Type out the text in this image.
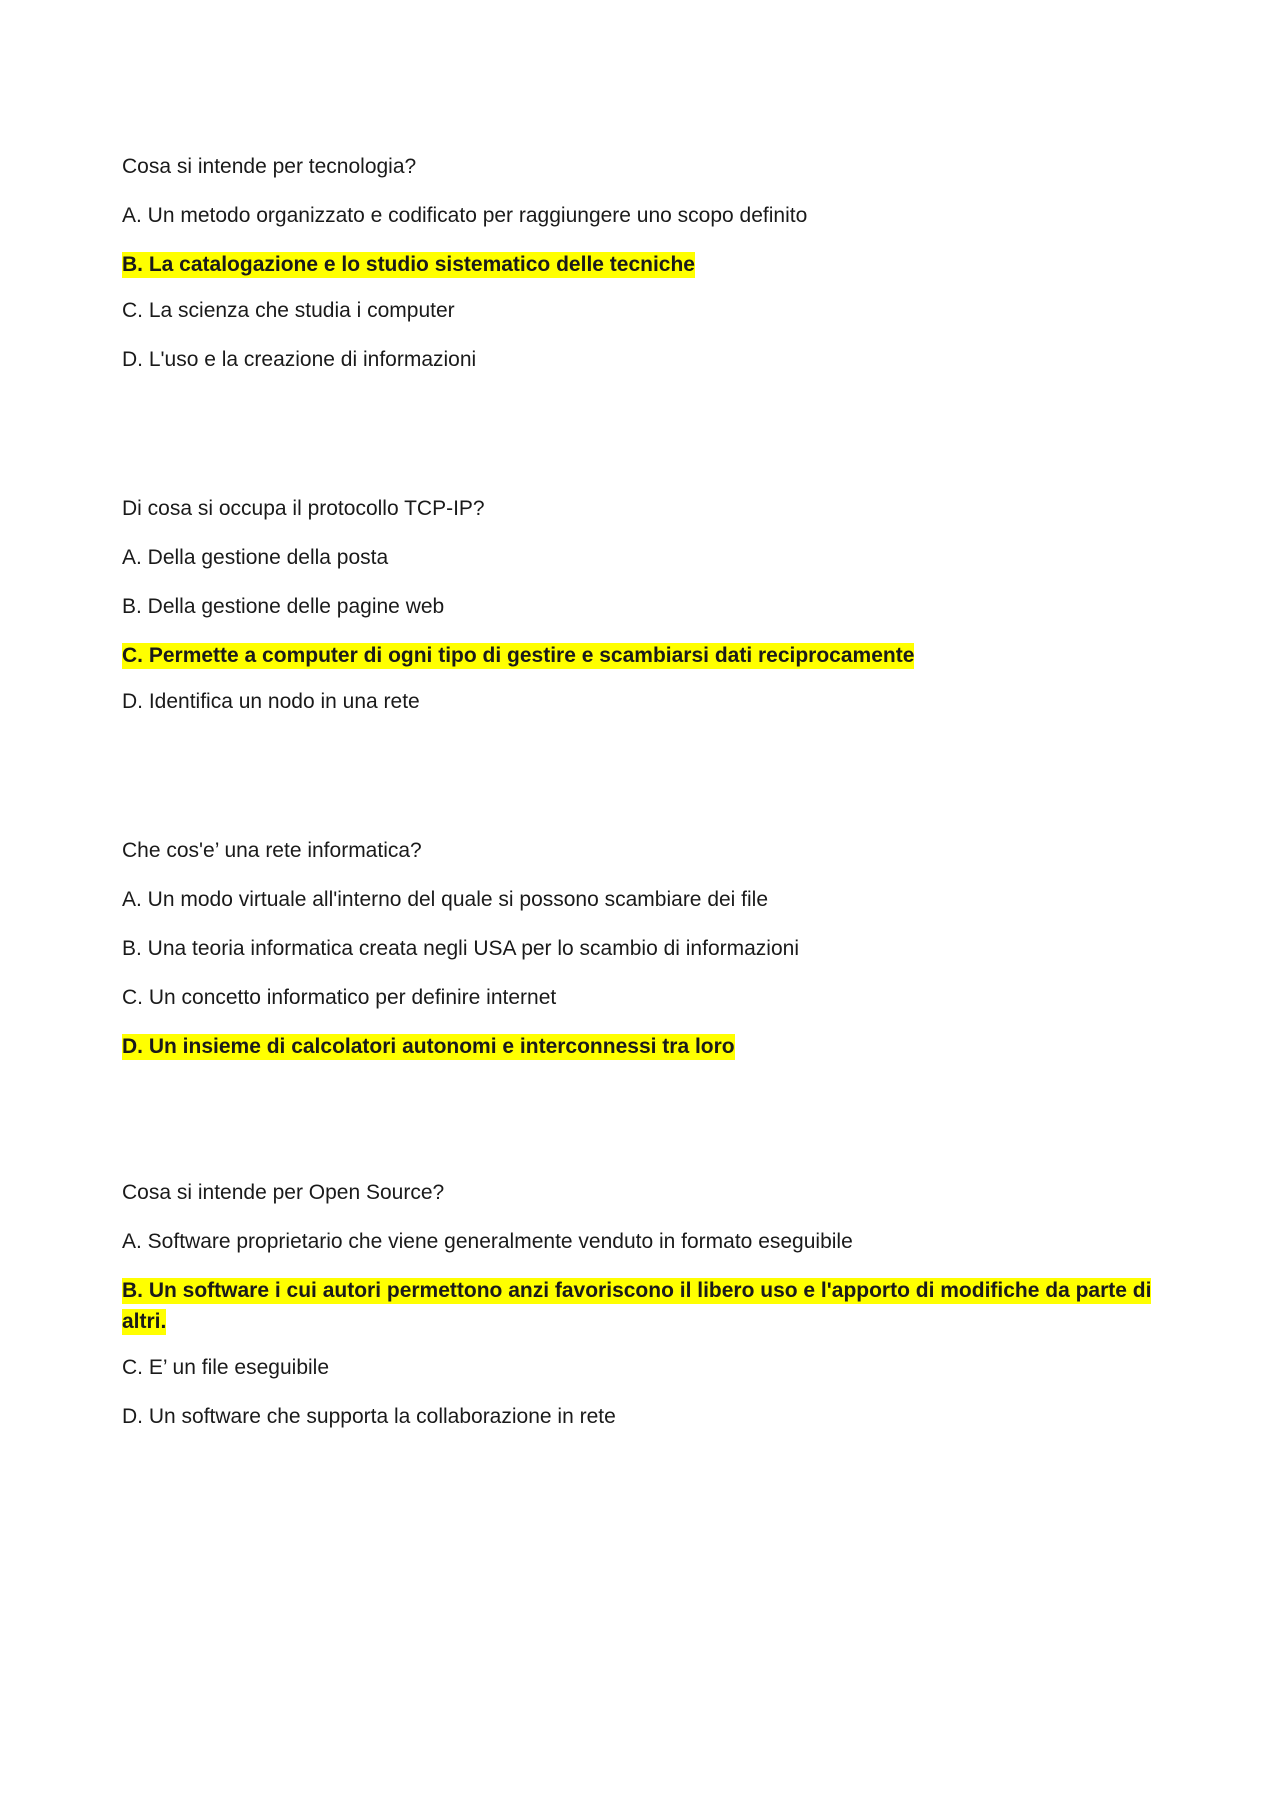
Cosa si intende per tecnologia?
A. Un metodo organizzato e codificato per raggiungere uno scopo definito
B. La catalogazione e lo studio sistematico delle tecniche
C. La scienza che studia i computer
D. L'uso e la creazione di informazioni
Di cosa si occupa il protocollo TCP-IP?
A. Della gestione della posta
B. Della gestione delle pagine web
C. Permette a computer di ogni tipo di gestire e scambiarsi dati reciprocamente
D. Identifica un nodo in una rete
Che cos'e’ una rete informatica?
A. Un modo virtuale all'interno del quale si possono scambiare dei file
B. Una teoria informatica creata negli USA per lo scambio di informazioni
C. Un concetto informatico per definire internet
D. Un insieme di calcolatori autonomi e interconnessi tra loro
Cosa si intende per Open Source?
A. Software proprietario che viene generalmente venduto in formato eseguibile
B. Un software i cui autori permettono anzi favoriscono il libero uso e l'apporto di modifiche da parte di altri.
C. E’ un file eseguibile
D. Un software che supporta la collaborazione in rete
